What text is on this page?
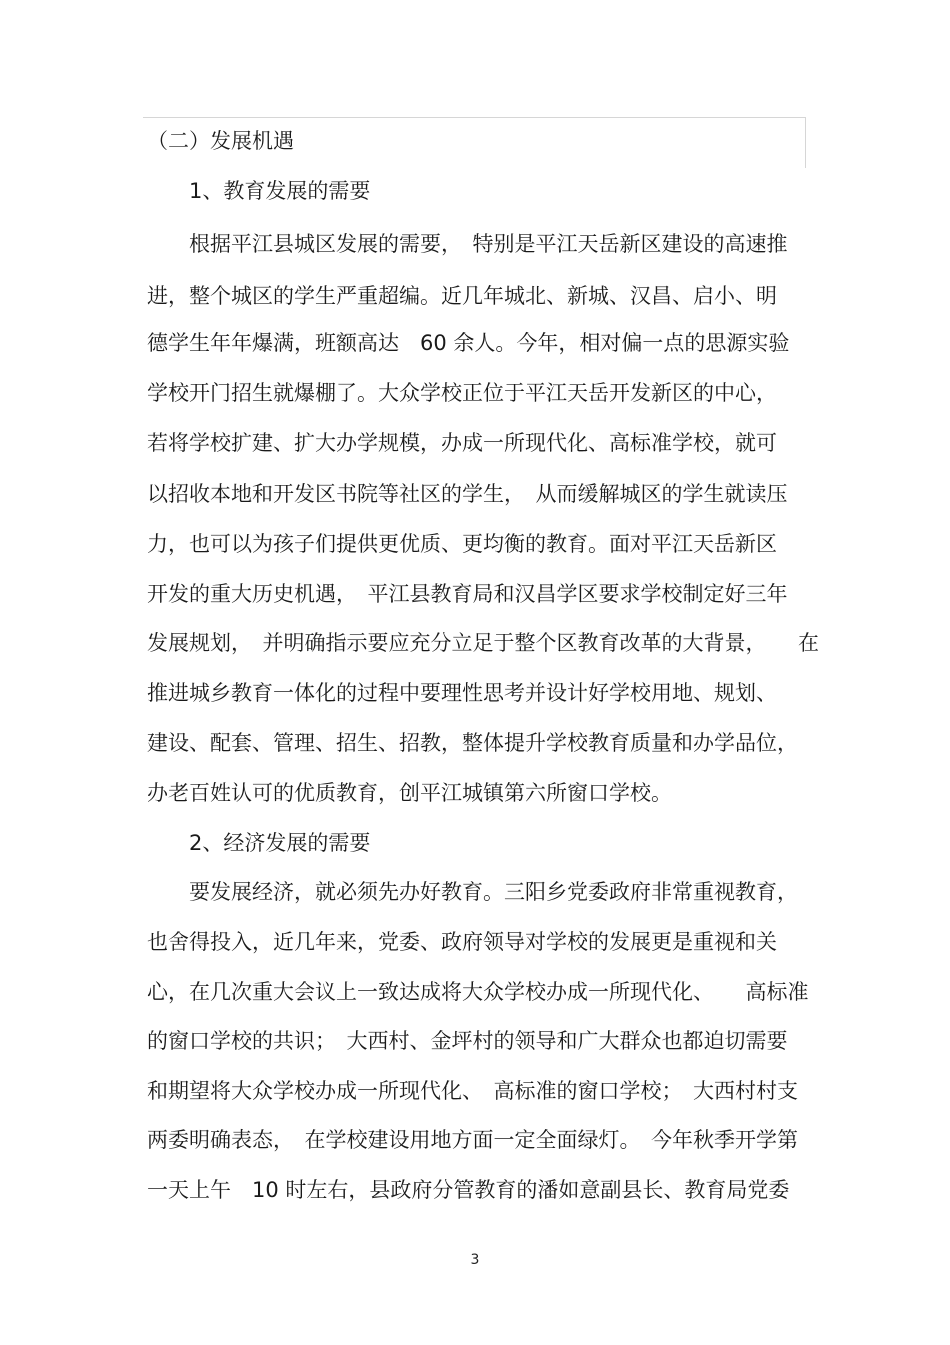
（二）发展机遇
1、教育发展的需要
根据平江县城区发展的需要，　特别是平江天岳新区建设的高速推
进，整个城区的学生严重超编。近几年城北、新城、汉昌、启小、明
德学生年年爆满，班额高达　60 余人。今年，相对偏一点的思源实验
学校开门招生就爆棚了。大众学校正位于平江天岳开发新区的中心，
若将学校扩建、扩大办学规模，办成一所现代化、高标准学校，就可
以招收本地和开发区书院等社区的学生，　从而缓解城区的学生就读压
力，也可以为孩子们提供更优质、更均衡的教育。面对平江天岳新区
开发的重大历史机遇，　平江县教育局和汉昌学区要求学校制定好三年
发展规划，　并明确指示要应充分立足于整个区教育改革的大背景，　　在
推进城乡教育一体化的过程中要理性思考并设计好学校用地、规划、
建设、配套、管理、招生、招教，整体提升学校教育质量和办学品位，
办老百姓认可的优质教育，创平江城镇第六所窗口学校。
2、经济发展的需要
要发展经济，就必须先办好教育。三阳乡党委政府非常重视教育，
也舍得投入，近几年来，党委、政府领导对学校的发展更是重视和关
心，在几次重大会议上一致达成将大众学校办成一所现代化、　　高标准
的窗口学校的共识；　大西村、金坪村的领导和广大群众也都迫切需要
和期望将大众学校办成一所现代化、　高标准的窗口学校；　大西村村支
两委明确表态，　在学校建设用地方面一定全面绿灯。　今年秋季开学第
一天上午　10 时左右，县政府分管教育的潘如意副县长、教育局党委
3
